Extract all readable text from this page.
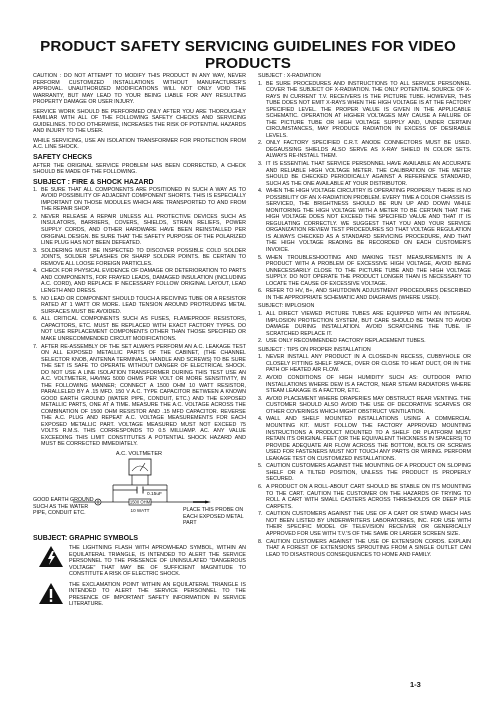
PRODUCT SAFETY SERVICING GUIDELINES FOR VIDEO PRODUCTS

CAUTION : DO NOT ATTEMPT TO MODIFY THIS PRODUCT IN ANY WAY, NEVER PERFORM CUSTOMIZED INSTALLATIONS WITHOUT MANUFACTURER'S APPROVAL. UNAUTHORIZED MODIFICATIONS WILL NOT ONLY VOID THE WARRANTY, BUT MAY LEAD TO YOUR BEING LIABLE FOR ANY RESULTING PROPERTY DAMAGE OR USER INJURY.

SERVICE WORK SHOULD BE PERFORMED ONLY AFTER YOU ARE THOROUGHLY FAMILIAR WITH ALL OF THE FOLLOWING SAFETY CHECKS AND SERVICING GUIDELINES. TO DO OTHERWISE, INCREASES THE RISK OF POTENTIAL HAZARDS AND INJURY TO THE USER.

WHILE SERVICING, USE AN ISOLATION TRANSFORMER FOR PROTECTION FROM A.C. LINE SHOCK.

SAFETY CHECKS

AFTER THE ORIGINAL SERVICE PROBLEM HAS BEEN CORRECTED, A CHECK SHOULD BE MADE OF THE FOLLOWING.

SUBJECT : FIRE & SHOCK HAZARD
1. BE SURE THAT ALL COMPONENTS ARE POSITIONED IN SUCH A WAY AS TO AVOID POSSIBILITY OF ADJACENT COMPONENT SHORTS. THIS IS ESPECIALLY IMPORTANT ON THOSE MODULES WHICH ARE TRANSPORTED TO AND FROM THE REPAIR SHOP.
2. NEVER RELEASE A REPAIR UNLESS ALL PROTECTIVE DEVICES SUCH AS INSULATORS, BARRIERS, COVERS, SHIELDS, STRAIN RELIEFS, POWER SUPPLY CORDS, AND OTHER HARDWARE HAVE BEEN REINSTALLED PER ORIGINAL DESIGN. BE SURE THAT THE SAFETY PURPOSE OF THE POLARIZED LINE PLUG HAS NOT BEEN DEFEATED.
3. SOLDERING MUST BE INSPECTED TO DISCOVER POSSIBLE COLD SOLDER JOINTS, SOLDER SPLASHES OR SHARP SOLDER POINTS. BE CERTAIN TO REMOVE ALL LOOSE FOREIGN PARTICLES.
4. CHECK FOR PHYSICAL EVIDENCE OF DAMAGE OR DETERIORATION TO PARTS AND COMPONENTS, FOR FRAYED LEADS, DAMAGED INSULATION (INCLUDING A.C. CORD), AND REPLACE IF NECESSARY FOLLOW ORIGINAL LAYOUT, LEAD LENGTH AND DRESS.
5. NO LEAD OR COMPONENT SHOULD TOUCH A RECIVING TUBE OR A RESISTOR RATED AT 1 WATT OR MORE. LEAD TENSION AROUND PROTRUDING METAL SURFACES MUST BE AVOIDED.
6. ALL CRITICAL COMPONENTS SUCH AS FUSES, FLAMEPROOF RESISTORS, CAPACITORS, ETC. MUST BE REPLACED WITH EXACT FACTORY TYPES. DO NOT USE REPLACEMENT COMPONENTS OTHER THAN THOSE SPECIFIED OR MAKE UNRECOMMENDED CIRCUIT MODIFICATIONS.
7. AFTER RE-ASSEMBLY OF THE SET ALWAYS PERFORM AN A.C. LEAKAGE TEST ON ALL EXPOSED METALLIC PARTS OF THE CABINET, (THE CHANNEL SELECTOR KNOB, ANTENNA TERMINALS, HANDLE AND SCREWS) TO BE SURE THE SET IS SAFE TO OPERATE WITHOUT DANGER OF ELECTRICAL SHOCK. DO NOT USE A LINE ISOLATION TRANSFORMER DURING THIS TEST USE AN A.C. VOLTMETER, HAVING 5000 OHMS PER VOLT OR MORE SENSITIVITY, IN THE FOLLOWING MANNER; CONNECT A 1500 OHM 10 WATT RESISTOR, PARALLELED BY A .15 MFD. 150 V A.C. TYPE CAPACITOR BETWEEN A KNOWN GOOD EARTH GROUND (WATER PIPE, CONDUIT, ETC.) AND THE EXPOSED METALLIC PARTS, ONE AT A TIME. MEASURE THE A.C. VOLTAGE ACROSS THE COMBINATION OF 1500 OHM RESISTOR AND .15 MFD CAPACITOR. REVERSE THE A.C. PLUG AND REPEAT A.C. VOLTAGE MEASUREMENTS FOR EACH EXPOSED METALLIC PART. VOLTAGE MEASURED MUST NOT EXCEED 75 VOLTS R.M.S. THIS CORRESPONDS TO 0.5 MILLIAMP. AC. ANY VALUE EXCEEDING THIS LIMIT CONSTITUTES A POTENTIAL SHOCK HAZARD AND MUST BE CORRECTED IMMEDIATELY.
A.C. VOLTMETER
0.15uF
1500 OHM
10 WATT
GOOD EARTH GROUND SUCH AS THE WATER PIPE, CONDUIT ETC.	PLACE THIS PROBE ON EACH EXPOSED METAL PART
SUBJECT: GRAPHIC SYMBOLS
THE LIGHTNING FLASH WITH APROWHEAD SYMBOL, WITHIN AN EQUILATERAL TRIANGLE, IS INTENDED TO ALERT THE SERVICE PERSONNEL TO THE PRESENCE OF UNINSULATED "DANGEROUS VOLTAGE" THAT MAY BE OF SUFFICIENT MAGNITUDE TO CONSTITUTE A RISK OF ELECTRIC SHOCK.
THE EXCLAMATION POINT WITHIN AN EQUILATERAL TRIANGLE IS INTENDED TO ALERT THE SERVICE PERSONNEL TO THE PRESENCE OF IMPORTANT SAFETY INFORMATION IN SERVICE LITERATURE.
SUBJECT : X-RADIATION
1. BE SURE PROCEDURES AND INSTRUCTIONS TO ALL SERVICE PERSONNEL COVER THE SUBJECT OF X-RADIATION. THE ONLY POTENTIAL SOURCE OF X-RAYS IN CURRENT T.V. RECEIVERS IS THE PICTURE TUBE. HOWEVER, THIS TUBE DOES NOT EMIT X-RAYS WHEN THE HIGH VOLTAGE IS AT THE FACTORY SPECIFIED LEVEL. THE PROPER VALUE IS GIVEN IN THE APPLICABLE SCHEMATIC. OPERATION AT HIGHER VOLTAGES MAY CAUSE A FAILURE OF THE PICTURE TUBE OR HIGH VOLTAGE SUPPLY AND, UNDER CERTAIN CIRCUMSTANCES, MAY PRODUCE RADIATION IN EXCESS OF DESIRABLE LEVELS.
2. ONLY FACTORY SPECIFIED C.R.T. ANODE CONNECTORS MUST BE USED. DEGAUSSING SHIELDS ALSO SERVE AS X-RAY SHIELD IN COLOR SETS. ALWAYS RE-INSTALL THEM.
3. IT IS ESSENTIAL THAT SERVICE PERSONNEL HAVE AVAILABLE AN ACCURATE AND RELIABLE HIGH VOLTAGE METER. THE CALIBRATION OF THE METER SHOULD BE CHECKED PERIODICALLY AGAINST A REFERENCE STANDARD, SUCH AS THE ONE AVAILABLE AT YOUR DISTRIBUTOR.
4. WHEN THE HIGH VOLTAGE CIRCUITRY IS OPERATING PROPERLY THERE IS NO POSSIBILITY OF AN X-RADIATION PROBLEM. EVERY TIME A COLOR CHASSIS IS SERVICED, THE BRIGHTNESS SHOULD BE RUN UP AND DOWN WHILE MONITORING THE HIGH VOLTAGE WITH A METER TO BE CERTAIN THAT THE HIGH VOLTAGE DOES NOT EXCEED THE SPECIFIED VALUE AND THAT IT IS REGULATING CORRECTLY. WE SUGGEST THAT YOU AND YOUR SERVICE ORGANIZATION REVIEW TEST PROCEDURES SO THAT VOLTAGE REGULATION IS ALWAYS CHECKED AS A STANDARD SERVICING PROCEDURE, AND THAT THE HIGH VOLTAGE READING BE RECORDED ON EACH CUSTOMER'S INVOICE.
5. WHEN TROUBLESHOOTING AND MAKING TEST MEASUREMENTS IN A PRODUCT WITH A PROBLEM OF EXCESSIVE HIGH VOLTAGE, AVOID BEING UNNECESSARILY CLOSE TO THE PICTURE TUBE AND THE HIGH VOLTAGE SUPPLY. DO NOT OPERATE THE PRODUCT LONGER THAN IS NECESSARY TO LOCATE THE CAUSE OF EXCESSIVE VOLTAGE.
6. REFER TO HV, B+, AND SHUTDOWN ADJUSTMENT PROCEDURES DESCRIBED IN THE APPROPRIATE SCHEMATIC AND DIAGRAMS (WHERE USED).
SUBJECT: IMPLOSION
1. ALL DIRECT VIEWED PICTURE TUBES ARE EQUIPPED WITH AN INTEGRAL IMPLOSION PROTECTION SYSTEM, BUT CARE SHOULD BE TAKEN TO AVOID DAMAGE DURING INSTALLATION. AVOID SCRATCHING THE TUBE. IF SCRATCHED REPLACE IT.
2. USE ONLY RECOMMENDED FACTORY REPLACEMENT TUBES.
SUBJECT : TIPS ON PROPER INSTALLATION
1. NEVER INSTALL ANY PRODUCT IN A CLOSED-IN RECESS, CUBBYHOLE OR CLOSELY FITTING SHELF SPACE, OVER OR CLOSE TO HEAT DUCT, OR IN THE PATH OF HEATED AIR FLOW.
2. AVOID CONDITIONS OF HIGH HUMIDITY SUCH AS: OUTDOOR PATIO INSTALLATIONS WHERE DEW IS A FACTOR, NEAR STEAM RADIATORS WHERE STEAM LEAKAGE IS A FACTOR, ETC.
3. AVOID PLACEMENT WHERE DRAPERIES MAY OBSTRUCT REAR VENTING. THE CUSTOMER SHOULD ALSO AVOID THE USE OF DECORATIVE SCARVES OR OTHER COVERINGS WHICH MIGHT OBSTRUCT VENTILATION.
4. WALL AND SHELF MOUNTED INSTALLATIONS USING A COMMERCIAL MOUNTING KIT. MUST FOLLOW THE FACTORY APPROVED MOUNTING INSTRUCTIONS A PRODUCT MOUNTED TO A SHELF OR PLATFORM MUST RETAIN ITS ORIGINAL FEET (OR THE EQUIVALENT THICKNESS IN SPACERS) TO PROVIDE ADEQUATE AIR FLOW ACROSS THE BOTTOM, BOLTS OR SCREWS USED FOR FASTENERS MUST NOT TOUCH ANY PARTS OR WIRING. PERFORM LEAKAGE TEST ON CUSTOMIZED INSTALLATIONS.
5. CAUTION CUSTOMERS AGAINST THE MOUNTING OF A PRODUCT ON SLOPING SHELF OR A TILTED POSITION, UNLESS THE PRODUCT IS PROPERLY SECURED.
6. A PRODUCT ON A ROLL-ABOUT CART SHOULD BE STABLE ON ITS MOUNTING TO THE CART. CAUTION THE CUSTOMER ON THE HAZARDS OF TRYING TO ROLL A CART WITH SMALL CASTERS ACROSS THRESHOLDS OR DEEP PILE CARPETS.
7. CAUTION CUSTOMERS AGAINST THE USE OF A CART OR STAND WHICH HAS NOT BEEN LISTED BY UNDERWRITERS LABORATORIES, INC. FOR USE WITH THEIR SPECIFIC MODEL OF TELEVISION RECEIVER OR GENERICALLY APPROVED FOR USE WITH T.V.'S OF THE SAME OR LARGER SCREEN SIZE.
8. CAUTION CUSTOMERS AGAINST THE USE OF EXTENSION CORDS. EXPLAIN THAT A FOREST OF EXTENSIONS SPROUTING FROM A SINGLE OUTLET CAN LEAD TO DISASTROUS CONSEQUENCES TO HOME AND FAMILY.
1-3
